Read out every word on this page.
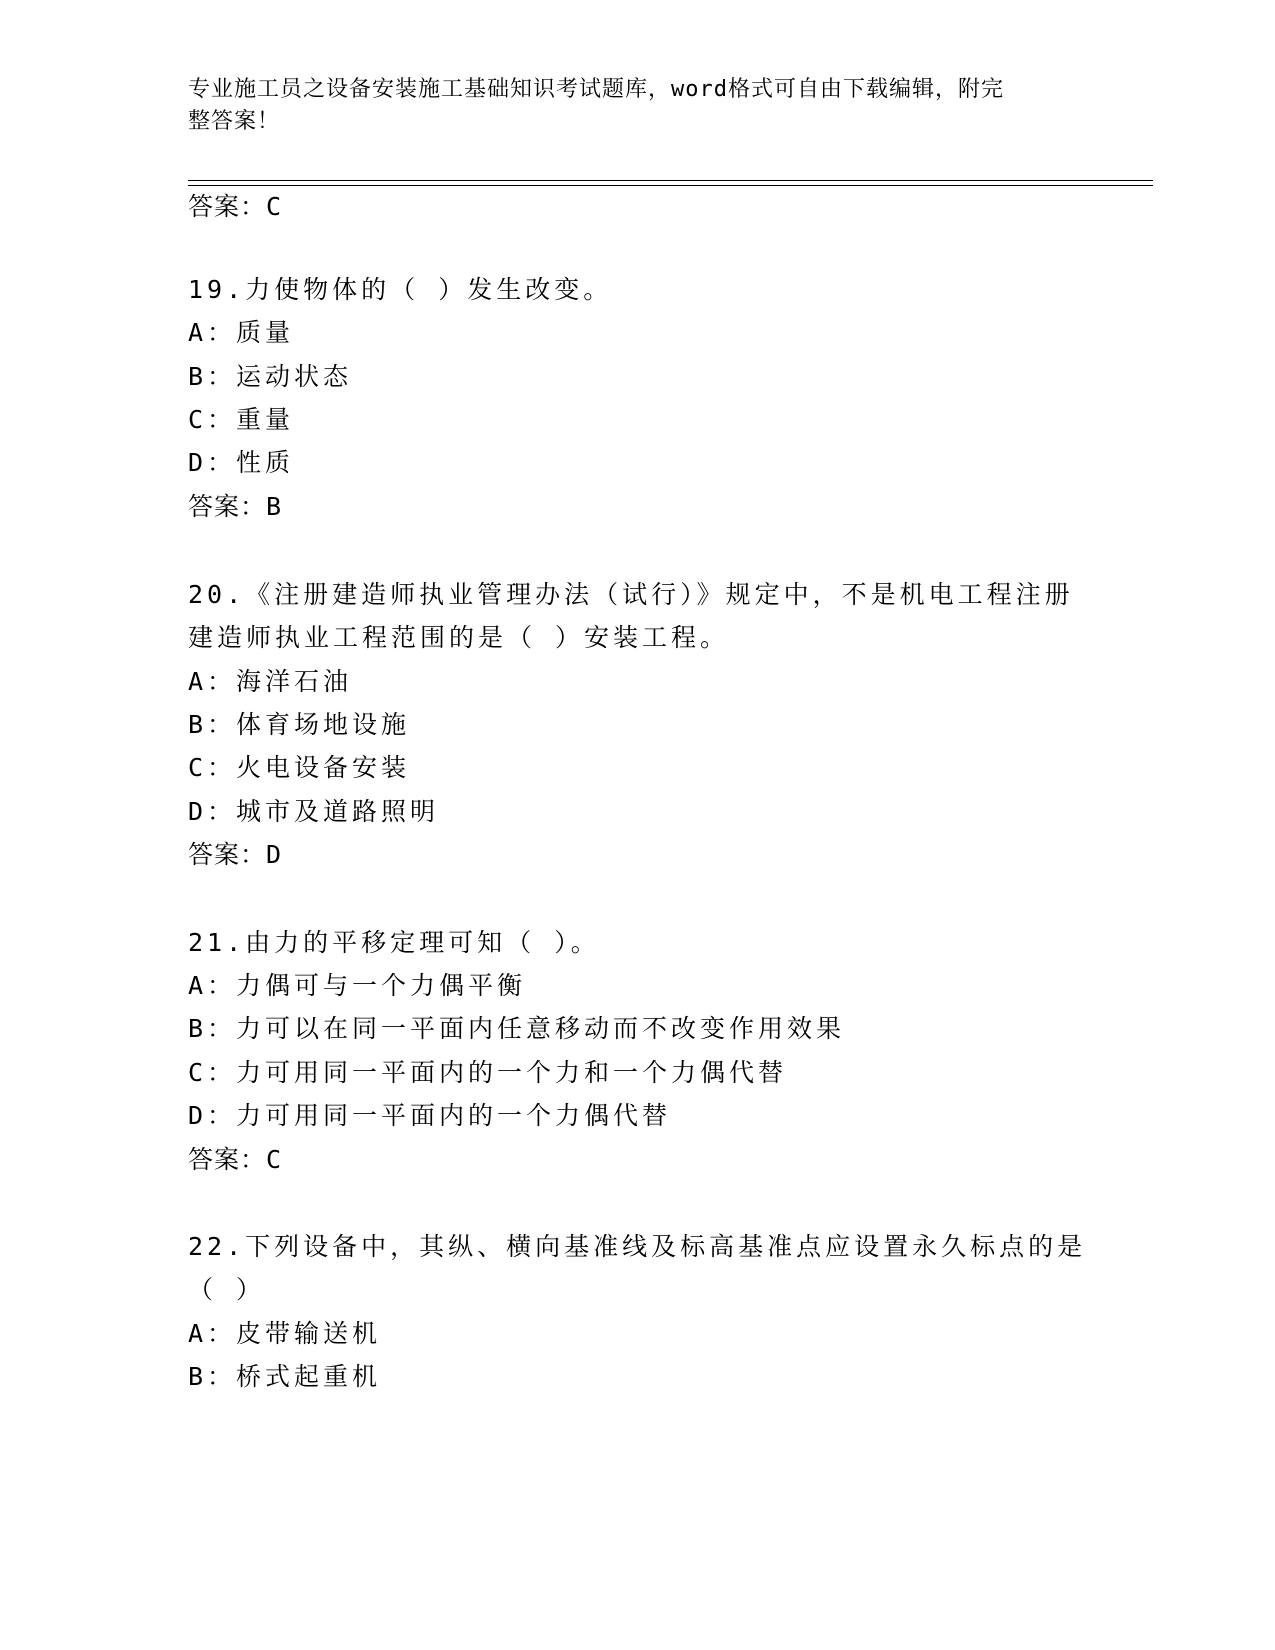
专业施工员之设备安装施工基础知识考试题库，word格式可自由下载编辑，附完
整答案！
答案：C
19.力使物体的（ ）发生改变。
A：质量
B：运动状态
C：重量
D：性质
答案：B
20.《注册建造师执业管理办法（试行）》规定中，不是机电工程注册
建造师执业工程范围的是（ ）安装工程。
A：海洋石油
B：体育场地设施
C：火电设备安装
D：城市及道路照明
答案：D
21.由力的平移定理可知（ ）。
A：力偶可与一个力偶平衡
B：力可以在同一平面内任意移动而不改变作用效果
C：力可用同一平面内的一个力和一个力偶代替
D：力可用同一平面内的一个力偶代替
答案：C
22.下列设备中，其纵、横向基准线及标高基准点应设置永久标点的是
（ ）
A：皮带输送机
B：桥式起重机
